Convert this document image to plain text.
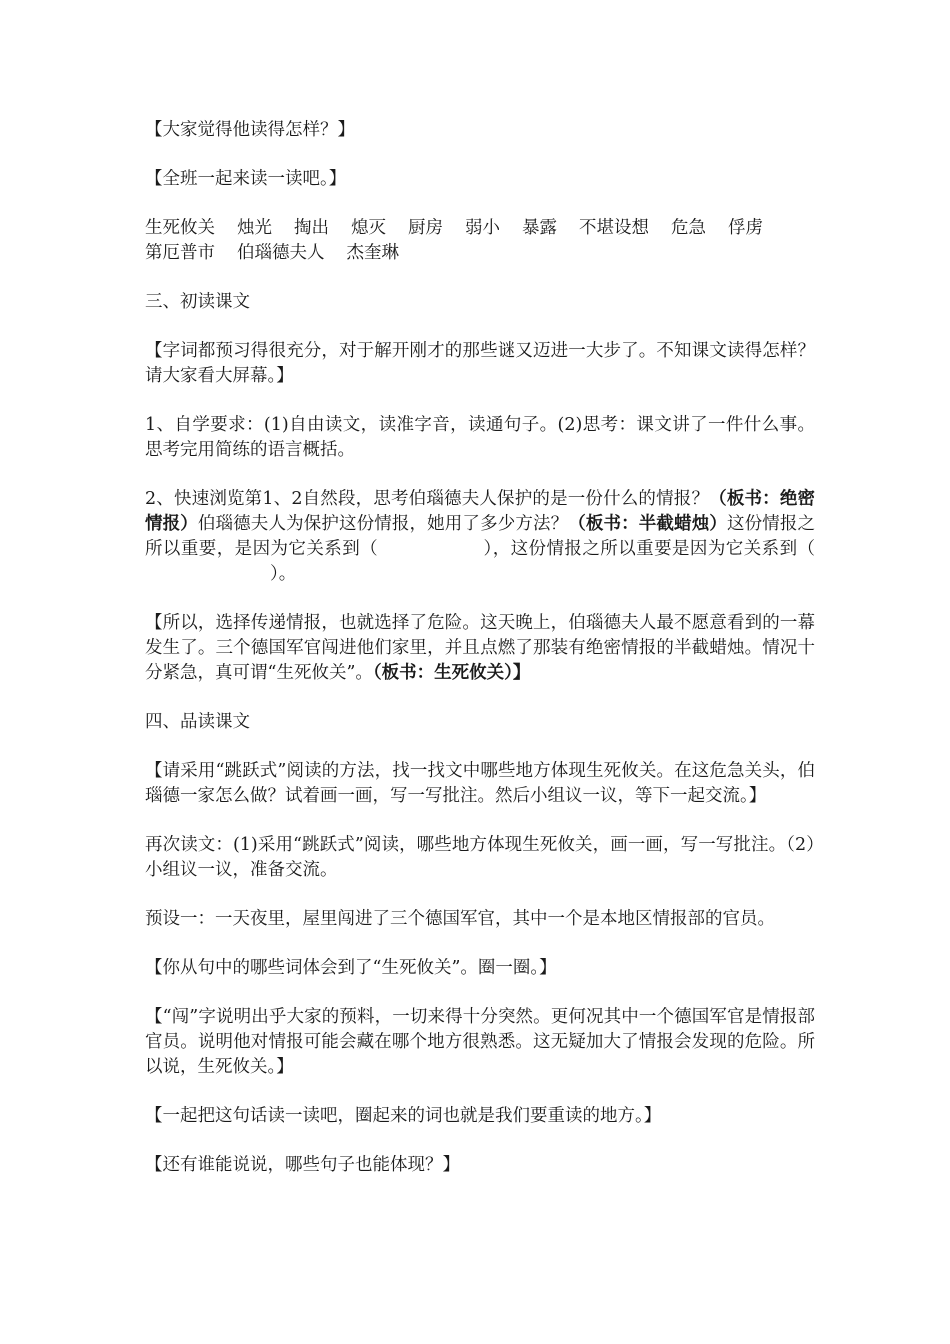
【大家觉得他读得怎样？】

【全班一起来读一读吧。】

生死攸关 烛光 掏出 熄灭 厨房 弱小 暴露 不堪设想 危急 俘虏第厄普市 伯瑙德夫人 杰奎琳

三、初读课文

【字词都预习得很充分，对于解开刚才的那些谜又迈进一大步了。不知课文读得怎样？请大家看大屏幕。】

1、自学要求：(1)自由读文，读准字音，读通句子。(2)思考：课文讲了一件什么事。思考完用简练的语言概括。

2、快速浏览第1、2自然段，思考伯瑙德夫人保护的是一份什么的情报？（板书：绝密情报）伯瑙德夫人为保护这份情报，她用了多少方法？（板书：半截蜡烛）这份情报之所以重要，是因为它关系到（	），这份情报之所以重要是因为它关系到（）。

【所以，选择传递情报，也就选择了危险。这天晚上，伯瑙德夫人最不愿意看到的一幕发生了。三个德国军官闯进他们家里，并且点燃了那装有绝密情报的半截蜡烛。情况十分紧急，真可谓“生死攸关”。（板书：生死攸关）】

四、品读课文

【请采用“跳跃式”阅读的方法，找一找文中哪些地方体现生死攸关。在这危急关头，伯瑙德一家怎么做？试着画一画，写一写批注。然后小组议一议，等下一起交流。】

再次读文：(1)采用“跳跃式”阅读，哪些地方体现生死攸关，画一画，写一写批注。（2）小组议一议，准备交流。

预设一：一天夜里，屋里闯进了三个德国军官，其中一个是本地区情报部的官员。

【你从句中的哪些词体会到了“生死攸关”。圈一圈。】

【“闯”字说明出乎大家的预料，一切来得十分突然。更何况其中一个德国军官是情报部官员。说明他对情报可能会藏在哪个地方很熟悉。这无疑加大了情报会发现的危险。所以说，生死攸关。】

【一起把这句话读一读吧，圈起来的词也就是我们要重读的地方。】

【还有谁能说说，哪些句子也能体现？】
